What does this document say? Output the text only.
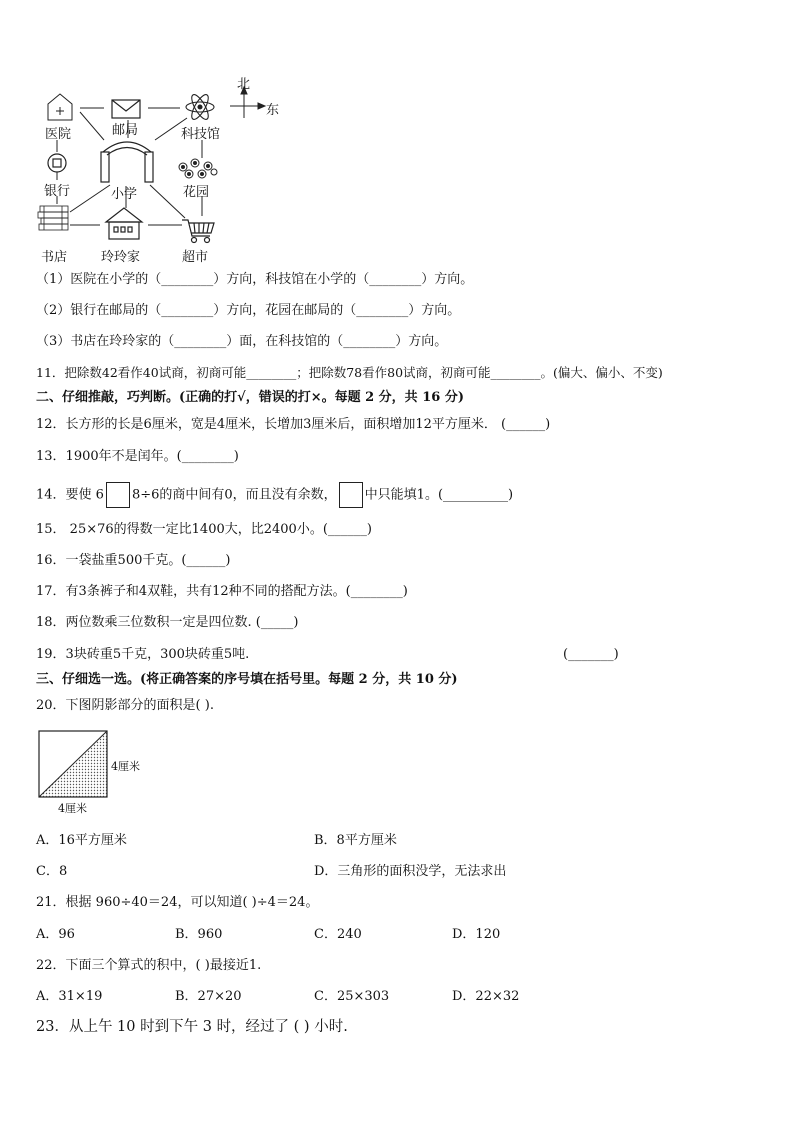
北
东
医院	邮局	科技馆
银行	小学	花园
书店	玲玲家	超市
（1）医院在小学的（________）方向，科技馆在小学的（________）方向。
（2）银行在邮局的（________）方向，花园在邮局的（________）方向。
（3）书店在玲玲家的（________）面，在科技馆的（________）方向。
11．把除数42看作40试商，初商可能________；把除数78看作80试商，初商可能________。(偏大、偏小、不变)
二、仔细推敲，巧判断。(正确的打√，错误的打×。每题 2 分，共 16 分)
12．长方形的长是6厘米，宽是4厘米，长增加3厘米后，面积增加12平方厘米． (______)
13．1900年不是闰年。(________)
14．要使 6 8÷6的商中间有0，而且没有余数， 中只能填1。(__________)
15． 25×76的得数一定比1400大，比2400小。(______)
16．一袋盐重500千克。(______)
17．有3条裤子和4双鞋，共有12种不同的搭配方法。(________)
18．两位数乘三位数积一定是四位数. (_____)
19．3块砖重5千克，300块砖重5吨.	(_______)
三、仔细选一选。(将正确答案的序号填在括号里。每题 2 分，共 10 分)
20．下图阴影部分的面积是( ).
4厘米
4厘米
A．16平方厘米	B．8平方厘米
C．8	D．三角形的面积没学，无法求出
21．根据 960÷40＝24，可以知道( )÷4＝24。
A．96	B．960	C．240	D．120
22．下面三个算式的积中，( )最接近1.
A．31×19	B．27×20	C．25×303	D．22×32
23．从上午 10 时到下午 3 时，经过了 ( ) 小时.
